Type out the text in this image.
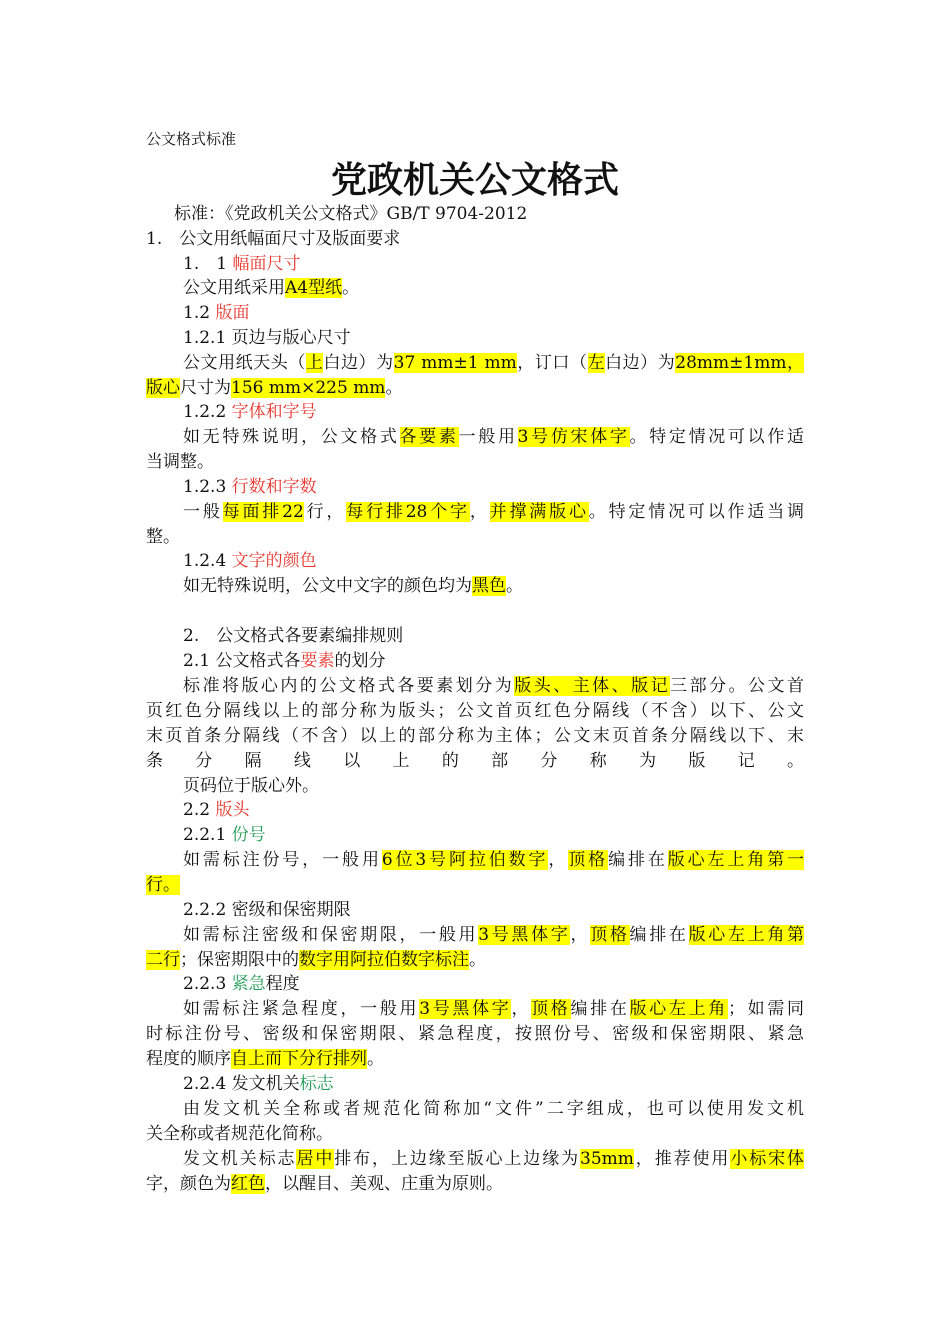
公文格式标准
党政机关公文格式
标准：《党政机关公文格式》GB/T 9704-2012
1.　公文用纸幅面尺寸及版面要求
1.　1 幅面尺寸
公文用纸采用A4型纸。
1.2 版面
1.2.1 页边与版心尺寸
公文用纸天头（上白边）为37 mm±1 mm，订口（左白边）为28mm±1mm，
版心尺寸为156 mm×225 mm。
1.2.2 字体和字号
如无特殊说明，公文格式各要素一般用3号仿宋体字。特定情况可以作适
当调整。
1.2.3 行数和字数
一般每面排22行，每行排28个字，并撑满版心。特定情况可以作适当调
整。
1.2.4 文字的颜色
如无特殊说明，公文中文字的颜色均为黑色。
2.　公文格式各要素编排规则
2.1 公文格式各要素的划分
标准将版心内的公文格式各要素划分为版头、主体、版记三部分。公文首
页红色分隔线以上的部分称为版头；公文首页红色分隔线（不含）以下、公文
末页首条分隔线（不含）以上的部分称为主体；公文末页首条分隔线以下、末
条分隔线以上的部分称为版记。
页码位于版心外。
2.2 版头
2.2.1 份号
如需标注份号，一般用6位3号阿拉伯数字，顶格编排在版心左上角第一
行。
2.2.2 密级和保密期限
如需标注密级和保密期限，一般用3号黑体字，顶格编排在版心左上角第
二行；保密期限中的数字用阿拉伯数字标注。
2.2.3 紧急程度
如需标注紧急程度，一般用3号黑体字，顶格编排在版心左上角；如需同
时标注份号、密级和保密期限、紧急程度，按照份号、密级和保密期限、紧急
程度的顺序自上而下分行排列。
2.2.4 发文机关标志
由发文机关全称或者规范化简称加“文件”二字组成，也可以使用发文机
关全称或者规范化简称。
发文机关标志居中排布，上边缘至版心上边缘为35mm，推荐使用小标宋体
字，颜色为红色，以醒目、美观、庄重为原则。
